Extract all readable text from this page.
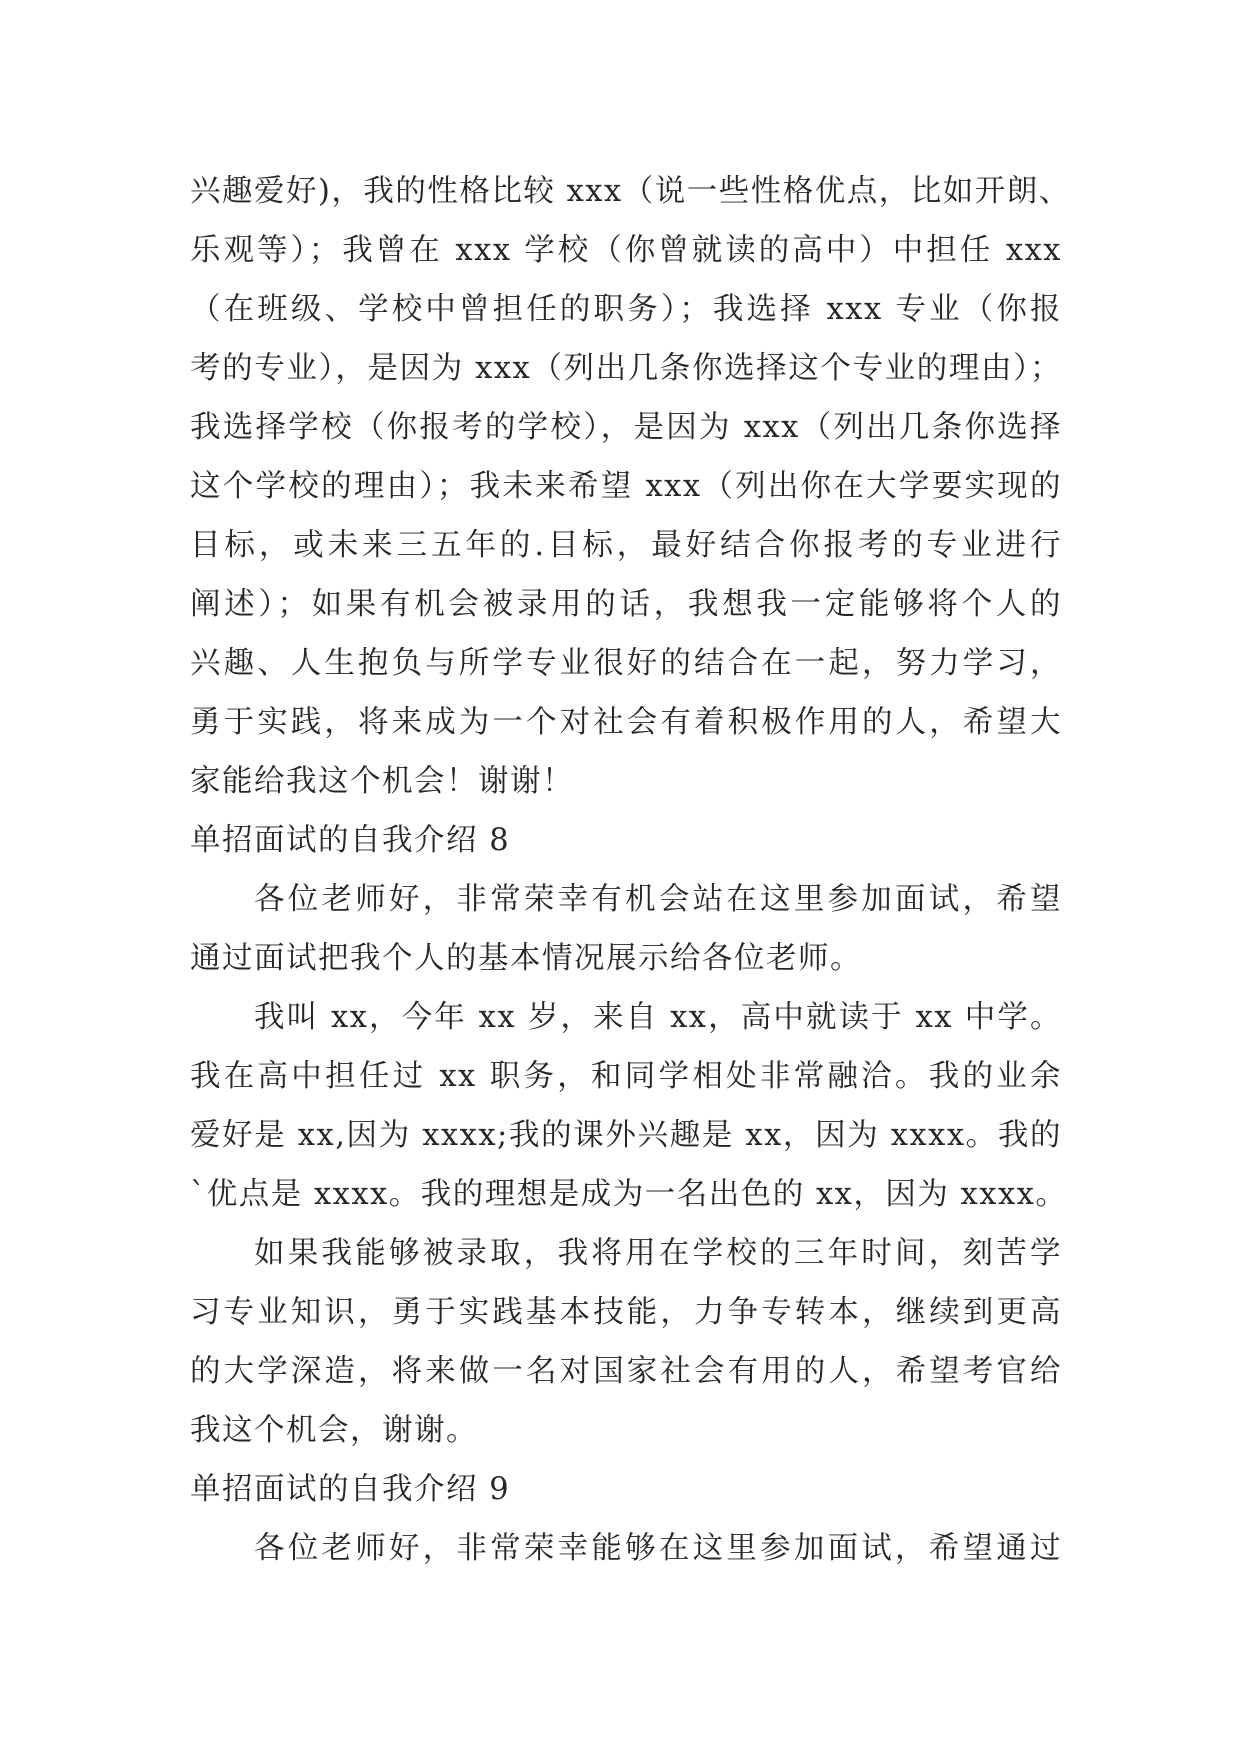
兴趣爱好)，我的性格比较 xxx（说一些性格优点，比如开朗、
乐观等）；我曾在 xxx 学校（你曾就读的高中）中担任 xxx
（在班级、学校中曾担任的职务）；我选择 xxx 专业（你报
考的专业），是因为 xxx（列出几条你选择这个专业的理由）；
我选择学校（你报考的学校），是因为 xxx（列出几条你选择
这个学校的理由）；我未来希望 xxx（列出你在大学要实现的
目标，或未来三五年的.目标，最好结合你报考的专业进行
阐述）；如果有机会被录用的话，我想我一定能够将个人的
兴趣、人生抱负与所学专业很好的结合在一起，努力学习，
勇于实践，将来成为一个对社会有着积极作用的人，希望大
家能给我这个机会！谢谢！
单招面试的自我介绍 8
各位老师好，非常荣幸有机会站在这里参加面试，希望
通过面试把我个人的基本情况展示给各位老师。
我叫 xx，今年 xx 岁，来自 xx，高中就读于 xx 中学。
我在高中担任过 xx 职务，和同学相处非常融洽。我的业余
爱好是 xx,因为 xxxx;我的课外兴趣是 xx，因为 xxxx。我的
`优点是 xxxx。我的理想是成为一名出色的 xx，因为 xxxx。
如果我能够被录取，我将用在学校的三年时间，刻苦学
习专业知识，勇于实践基本技能，力争专转本，继续到更高
的大学深造，将来做一名对国家社会有用的人，希望考官给
我这个机会，谢谢。
单招面试的自我介绍 9
各位老师好，非常荣幸能够在这里参加面试，希望通过
